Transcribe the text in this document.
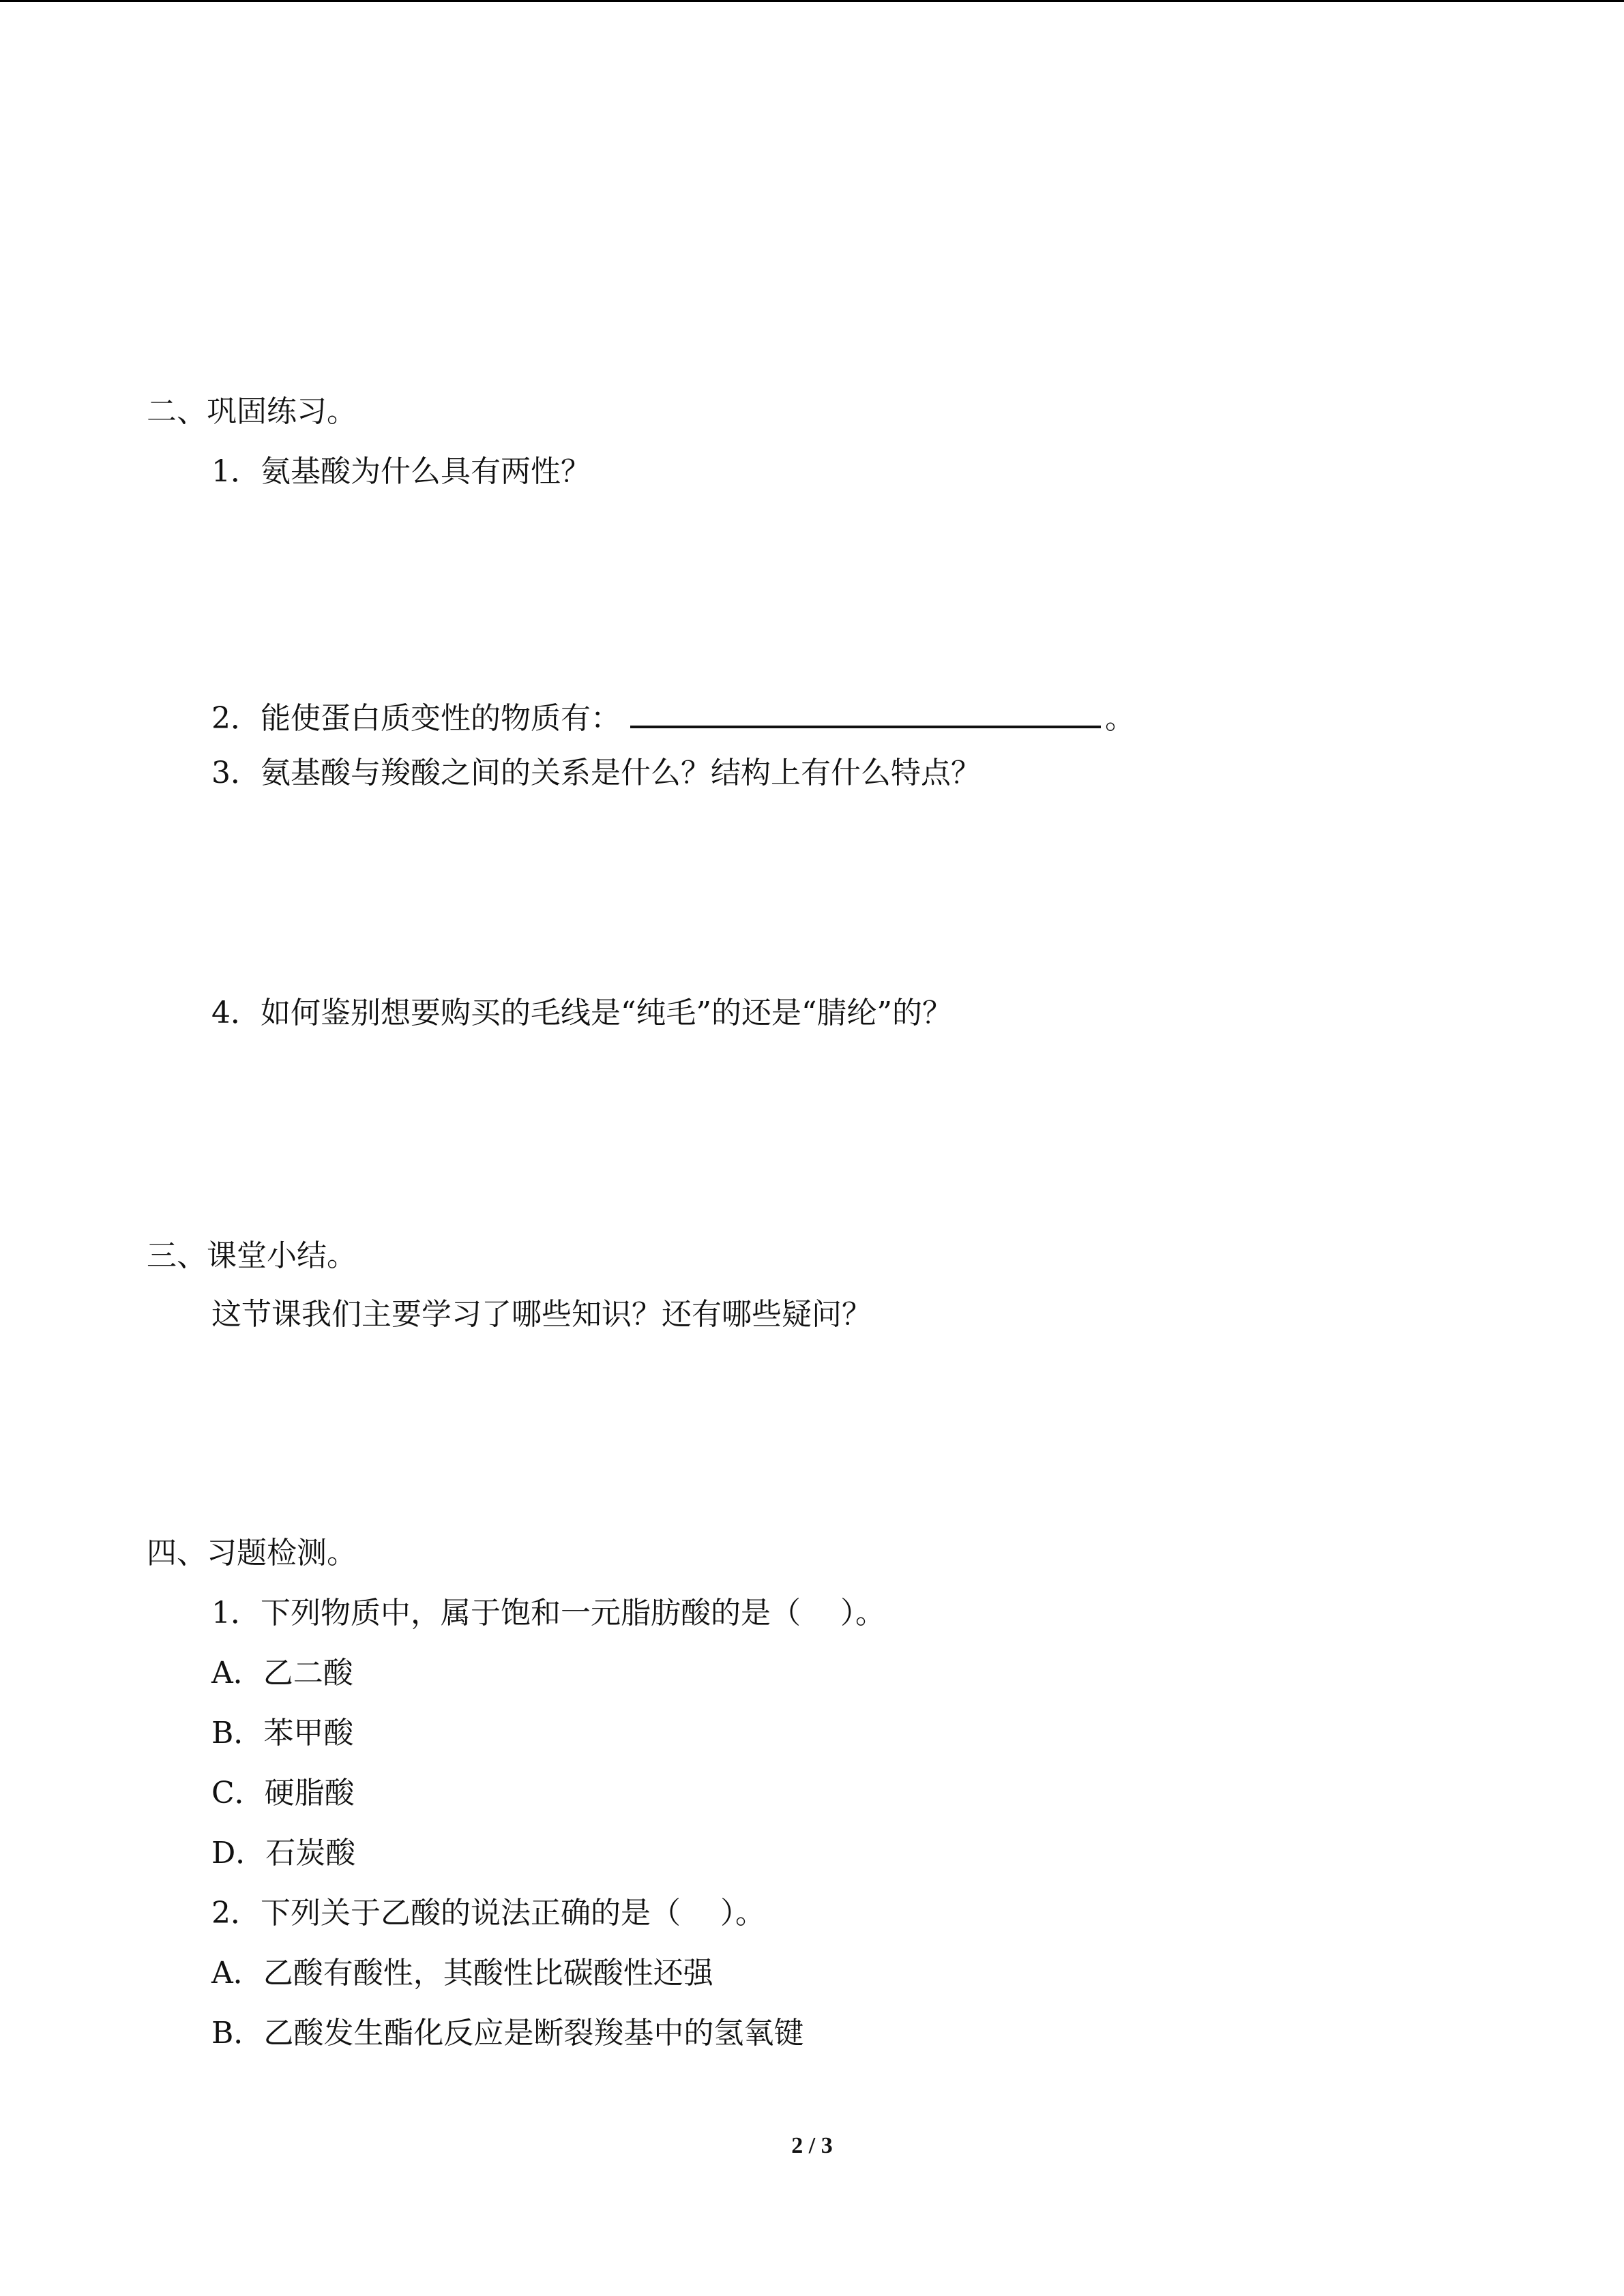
二、巩固练习。
1．氨基酸为什么具有两性？
2．能使蛋白质变性的物质有：	。
3．氨基酸与羧酸之间的关系是什么？结构上有什么特点？
4．如何鉴别想要购买的毛线是“纯毛”的还是“腈纶”的？
三、课堂小结。
这节课我们主要学习了哪些知识？还有哪些疑问？
四、习题检测。
1．下列物质中，属于饱和一元脂肪酸的是（　 ）。
A．乙二酸
B．苯甲酸
C．硬脂酸
D．石炭酸
2．下列关于乙酸的说法正确的是（　 ）。
A．乙酸有酸性，其酸性比碳酸性还强
B．乙酸发生酯化反应是断裂羧基中的氢氧键
2 / 3
